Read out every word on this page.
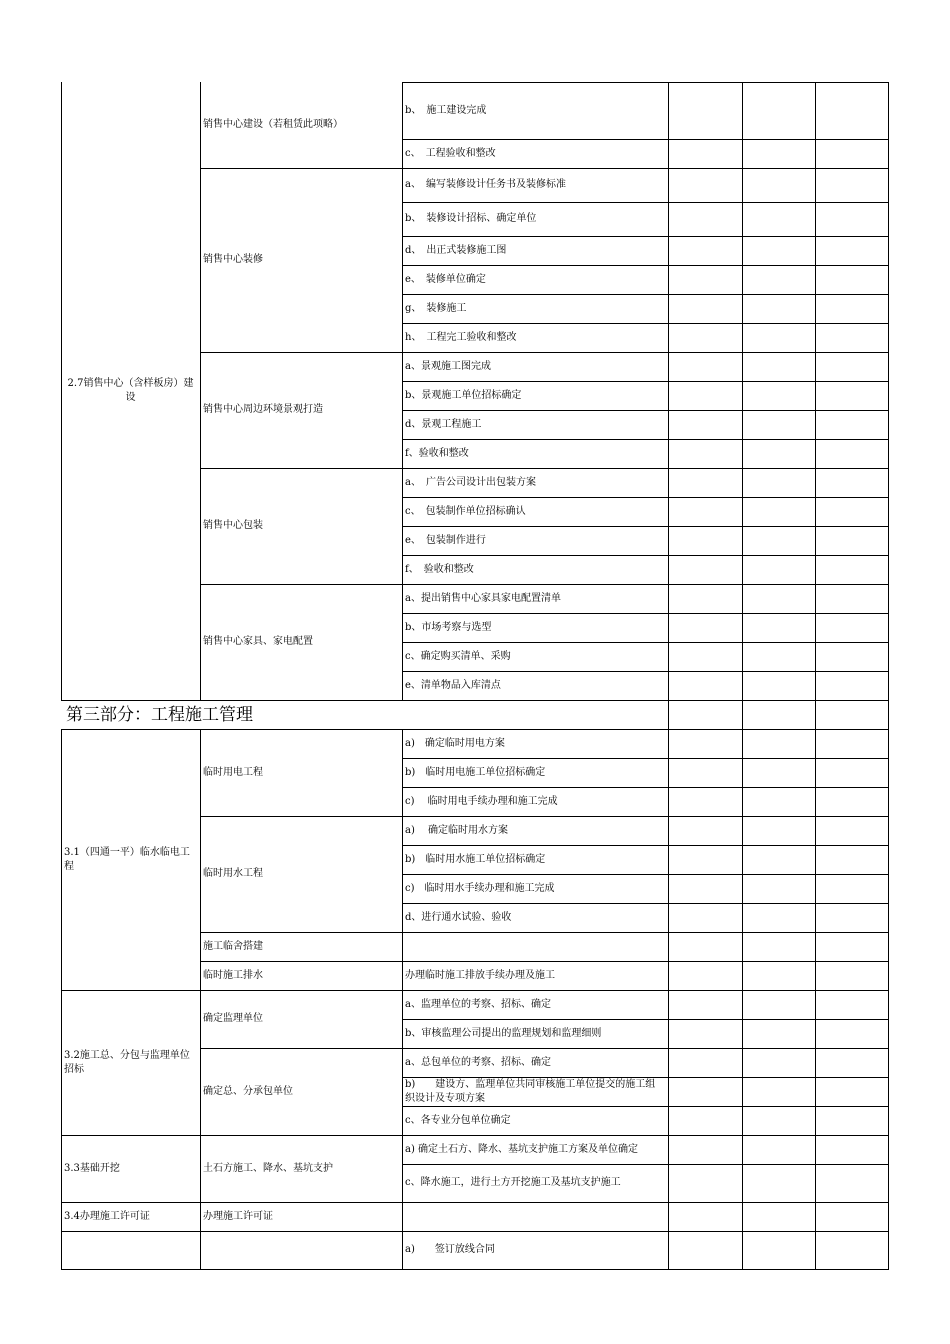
b、　施工建设完成
c、　工程验收和整改
销售中心建设（若租赁此项略）
a、　编写装修设计任务书及装修标准
b、　装修设计招标、确定单位
d、　出正式装修施工图
e、　装修单位确定
g、　装修施工
h、　工程完工验收和整改
销售中心装修
a、景观施工图完成
b、景观施工单位招标确定
d、景观工程施工
f、验收和整改
销售中心周边环境景观打造
a、　广告公司设计出包装方案
c、　包装制作单位招标确认
e、　包装制作进行
f、　验收和整改
销售中心包装
a、提出销售中心家具家电配置清单
b、市场考察与选型
c、确定购买清单、采购
e、清单物品入库清点
销售中心家具、家电配置
2.7销售中心（含样板房）建设
第三部分：工程施工管理
a)　确定临时用电方案
b)　临时用电施工单位招标确定
c)　 临时用电手续办理和施工完成
临时用电工程
a)　 确定临时用水方案
b)　临时用水施工单位招标确定
c)　临时用水手续办理和施工完成
d、进行通水试验、验收
临时用水工程
施工临舍搭建
办理临时施工排放手续办理及施工
临时施工排水
3.1（四通一平）临水临电工程
a、监理单位的考察、招标、确定
b、审核监理公司提出的监理规划和监理细则
确定监理单位
a、总包单位的考察、招标、确定
b)　　建设方、监理单位共同审核施工单位提交的施工组织设计及专项方案
c、各专业分包单位确定
确定总、分承包单位
3.2施工总、分包与监理单位招标
a) 确定土石方、降水、基坑支护施工方案及单位确定
c、降水施工，进行土方开挖施工及基坑支护施工
土石方施工、降水、基坑支护
3.3基础开挖
办理施工许可证
3.4办理施工许可证
a)　　签订放线合同
